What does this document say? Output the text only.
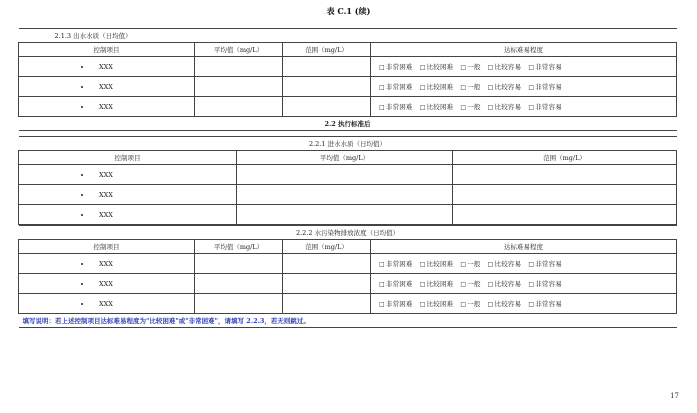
表 C.1 (续)
2.1.3 出水水质（日均值）			
控制项目	平均值（mg/L）	范围（mg/L）	达标难易程度
XXX			□非常困难 □比较困难 □一般 □比较容易 □非常容易
XXX			□非常困难 □比较困难 □一般 □比较容易 □非常容易
XXX			□非常困难 □比较困难 □一般 □比较容易 □非常容易
2.2 执行标准后			
2.2.1 进水水质（日均值）		
控制项目	平均值（mg/L）	范围（mg/L）
XXX		
XXX		
XXX		
2.2.2 水污染物排放浓度（日均值）			
控制项目	平均值（mg/L）	范围（mg/L）	达标难易程度
XXX			□非常困难 □比较困难 □一般 □比较容易 □非常容易
XXX			□非常困难 □比较困难 □一般 □比较容易 □非常容易
XXX			□非常困难 □比较困难 □一般 □比较容易 □非常容易
填写说明：若上述控制项目达标难易程度为"比较困难"或"非常困难"，请填写 2.2.3，若无则跳过。			
17
